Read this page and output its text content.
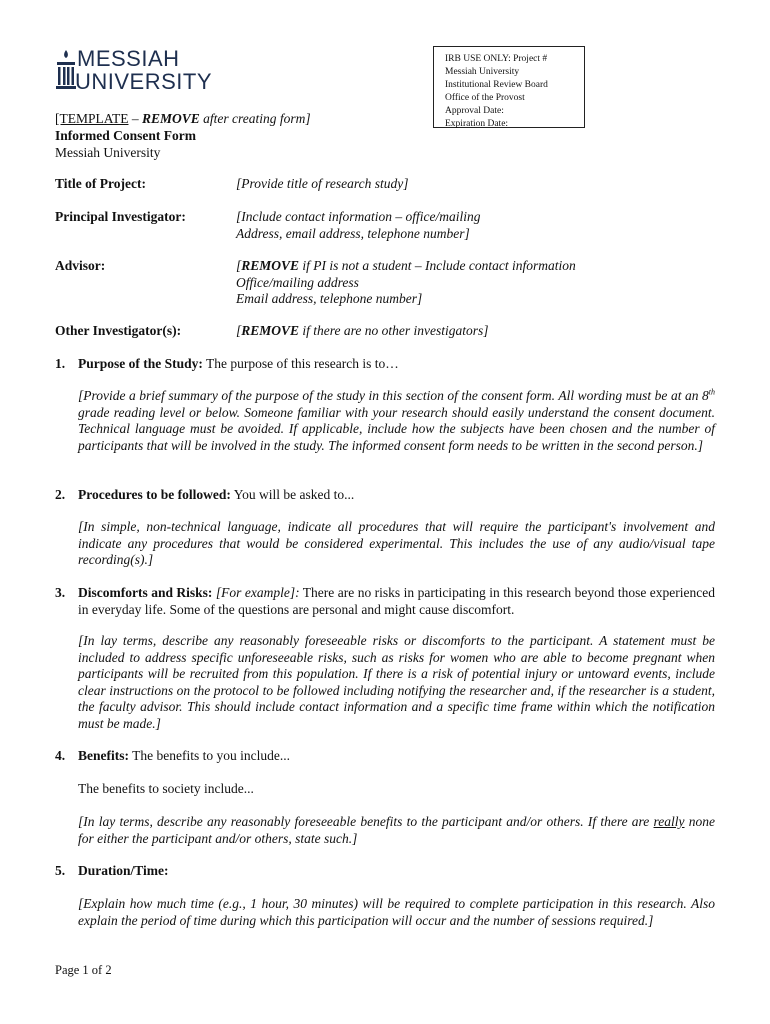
MESSIAH
UNIVERSITY
IRB USE ONLY: Project #
Messiah University
Institutional Review Board
Office of the Provost
Approval Date:
Expiration Date:
[TEMPLATE – REMOVE after creating form]
Informed Consent Form
Messiah University
Title of Project:	[Provide title of research study]
Principal Investigator:	[Include contact information – office/mailing
Address, email address, telephone number]
Advisor:	[REMOVE if PI is not a student – Include contact information
Office/mailing address
Email address, telephone number]
Other Investigator(s):	[REMOVE if there are no other investigators]
1. Purpose of the Study: The purpose of this research is to…
[Provide a brief summary of the purpose of the study in this section of the consent form. All wording must be at an 8th grade reading level or below. Someone familiar with your research should easily understand the consent document. Technical language must be avoided. If applicable, include how the subjects have been chosen and the number of participants that will be involved in the study. The informed consent form needs to be written in the second person.]
2. Procedures to be followed: You will be asked to...
[In simple, non-technical language, indicate all procedures that will require the participant's involvement and indicate any procedures that would be considered experimental. This includes the use of any audio/visual tape recording(s).]
3. Discomforts and Risks: [For example]: There are no risks in participating in this research beyond those experienced in everyday life. Some of the questions are personal and might cause discomfort.
[In lay terms, describe any reasonably foreseeable risks or discomforts to the participant. A statement must be included to address specific unforeseeable risks, such as risks for women who are able to become pregnant when participants will be recruited from this population. If there is a risk of potential injury or untoward events, include clear instructions on the protocol to be followed including notifying the researcher and, if the researcher is a student, the faculty advisor. This should include contact information and a specific time frame within which the notification must be made.]
4. Benefits: The benefits to you include...
The benefits to society include...
[In lay terms, describe any reasonably foreseeable benefits to the participant and/or others. If there are really none for either the participant and/or others, state such.]
5. Duration/Time:
[Explain how much time (e.g., 1 hour, 30 minutes) will be required to complete participation in this research. Also explain the period of time during which this participation will occur and the number of sessions required.]
Page 1 of 2
